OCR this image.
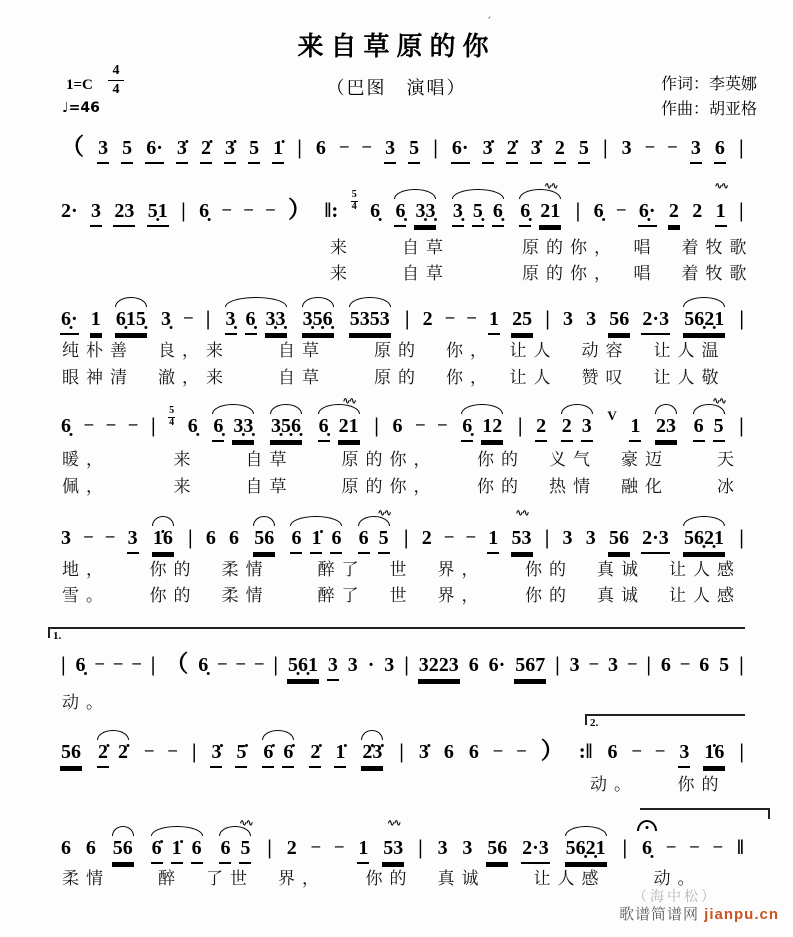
来自草原的你
ˊ
（巴图　演唱）	作词：李英娜
作曲：胡亚格
$1=C \frac{4}{4}$
♩=46
1.
2.
（ 3 5 6· 3̇ 2̇ 3̇ 5 1̇ | 6 – – 3 5 | 6· 3̇ 2̇ 3̇ 2 5 | 3 – – 3 6 |
2· 3 23 5̣1 | 6̣ – – – ） ‖: $\frac{5}{4}$ 6̣ 6̣ 3̣3̣ 3̣ 5̣ 6̣ 6̣ 21 ∿∿ | 6̣ – 6̣· 2 2 1 ∿∿ |
6̣· 1 6̣15̣ 3̣ – | 3̣ 6̣ 3̣3̣ 3̣5̣6̣ 5353 | 2 – – 1 25 | 3 3 56 2·3 56̣2̣1 |
6̣ – – – | $\frac{5}{4}$ 6̣ 6̣ 3̣3̣ 3̣5̣6̣ 6̣ 21 ∿∿ | 6 – – 6̣ 12 | 2 2 3 V 1 23 6 5 ∿∿ |
3 – – 3 1̇6 | 6 6 56 6 1̇ 6 6 5 ∿∿ | 2 – – 1 53 ∿∿ | 3 3 56 2·3 56̣2̣1 |
| 6̣ – – – | （ 6̣ – – – | 5̣6̣1 3 3 · 3 | 3223 6 6· 567 | 3 – 3 – | 6 – 6 5 |
56 2̇ 2̇ – – | 3̇ 5̇ 6̇ 6̇ 2̇ 1̇ 2̇3̇ | 3̇ 6 6 – – ） :‖ 6 – – 3 1̇6 |
6 6 56 6̇ 1̇ 6 6 5 ∿∿ | 2 – – 1 53 ∿∿ | 3 3 56 2·3 56̣2̣1 | 6̣ – – – ‖
来　　自草　　　原的你，　唱　着牧歌
来　　自草　　　原的你，　唱　着牧歌
纯朴善　良，来　　自草　　原的　你，　让人　动容　让人温
眼神清　澈，来　　自草　　原的　你，　让人　赞叹　让人敬
暖，　　　来　　自草　　原的你，　　你的　义气　豪迈　　天
佩，　　　来　　自草　　原的你，　　你的　热情　融化　　冰
地，　　你的　柔情　　醉了　世　界，　　你的　真诚　让人感
雪。　　你的　柔情　　醉了　世　界，　　你的　真诚　让人感
动。
动。　　你的
柔情　　醉　了世　界，　　你的　真诚　　让人感　　动。
（海中松）
歌谱简谱网 jianpu.cn
